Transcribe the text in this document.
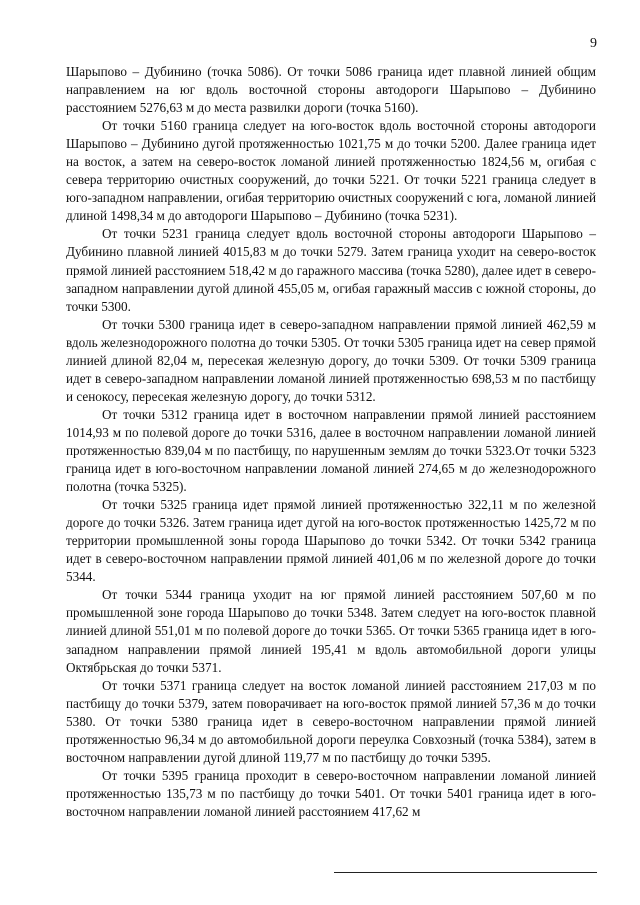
9

Шарыпово – Дубинино (точка 5086). От точки 5086 граница идет плавной линией общим направлением на юг вдоль восточной стороны автодороги Шарыпово – Дубинино расстоянием 5276,63 м до места развилки дороги (точка 5160).

От точки 5160 граница следует на юго-восток вдоль восточной стороны автодороги Шарыпово – Дубинино дугой протяженностью 1021,75 м до точки 5200. Далее граница идет на восток, а затем на северо-восток ломаной линией протяженностью 1824,56 м, огибая с севера территорию очистных сооружений, до точки 5221. От точки 5221 граница следует в юго-западном направлении, огибая территорию очистных сооружений с юга, ломаной линией длиной 1498,34 м до автодороги Шарыпово – Дубинино (точка 5231).

От точки 5231 граница следует вдоль восточной стороны автодороги Шарыпово – Дубинино плавной линией 4015,83 м до точки 5279. Затем граница уходит на северо-восток прямой линией расстоянием 518,42 м до гаражного массива (точка 5280), далее идет в северо-западном направлении дугой длиной 455,05 м, огибая гаражный массив с южной стороны, до точки 5300.

От точки 5300 граница идет в северо-западном направлении прямой линией 462,59 м вдоль железнодорожного полотна до точки 5305. От точки 5305 граница идет на север прямой линией длиной 82,04 м, пересекая железную дорогу, до точки 5309. От точки 5309 граница идет в северо-западном направлении ломаной линией протяженностью 698,53 м по пастбищу и сенокосу, пересекая железную дорогу, до точки 5312.

От точки 5312 граница идет в восточном направлении прямой линией расстоянием 1014,93 м по полевой дороге до точки 5316, далее в восточном направлении ломаной линией протяженностью 839,04 м по пастбищу, по нарушенным землям до точки 5323.От точки 5323 граница идет в юго-восточном направлении ломаной линией 274,65 м до железнодорожного полотна (точка 5325).

От точки 5325 граница идет прямой линией протяженностью 322,11 м по железной дороге до точки 5326. Затем граница идет дугой на юго-восток протяженностью 1425,72 м по территории промышленной зоны города Шарыпово до точки 5342. От точки 5342 граница идет в северо-восточном направлении прямой линией 401,06 м по железной дороге до точки 5344.

От точки 5344 граница уходит на юг прямой линией расстоянием 507,60 м по промышленной зоне города Шарыпово до точки 5348. Затем следует на юго-восток плавной линией длиной 551,01 м по полевой дороге до точки 5365. От точки 5365 граница идет в юго-западном направлении прямой линией 195,41 м вдоль автомобильной дороги улицы Октябрьская до точки 5371.

От точки 5371 граница следует на восток ломаной линией расстоянием 217,03 м по пастбищу до точки 5379, затем поворачивает на юго-восток прямой линией 57,36 м до точки 5380. От точки 5380 граница идет в северо-восточном направлении прямой линией протяженностью 96,34 м до автомобильной дороги переулка Совхозный (точка 5384), затем в восточном направлении дугой длиной 119,77 м по пастбищу до точки 5395.

От точки 5395 граница проходит в северо-восточном направлении ломаной линией протяженностью 135,73 м по пастбищу до точки 5401. От точки 5401 граница идет в юго-восточном направлении ломаной линией расстоянием 417,62 м
